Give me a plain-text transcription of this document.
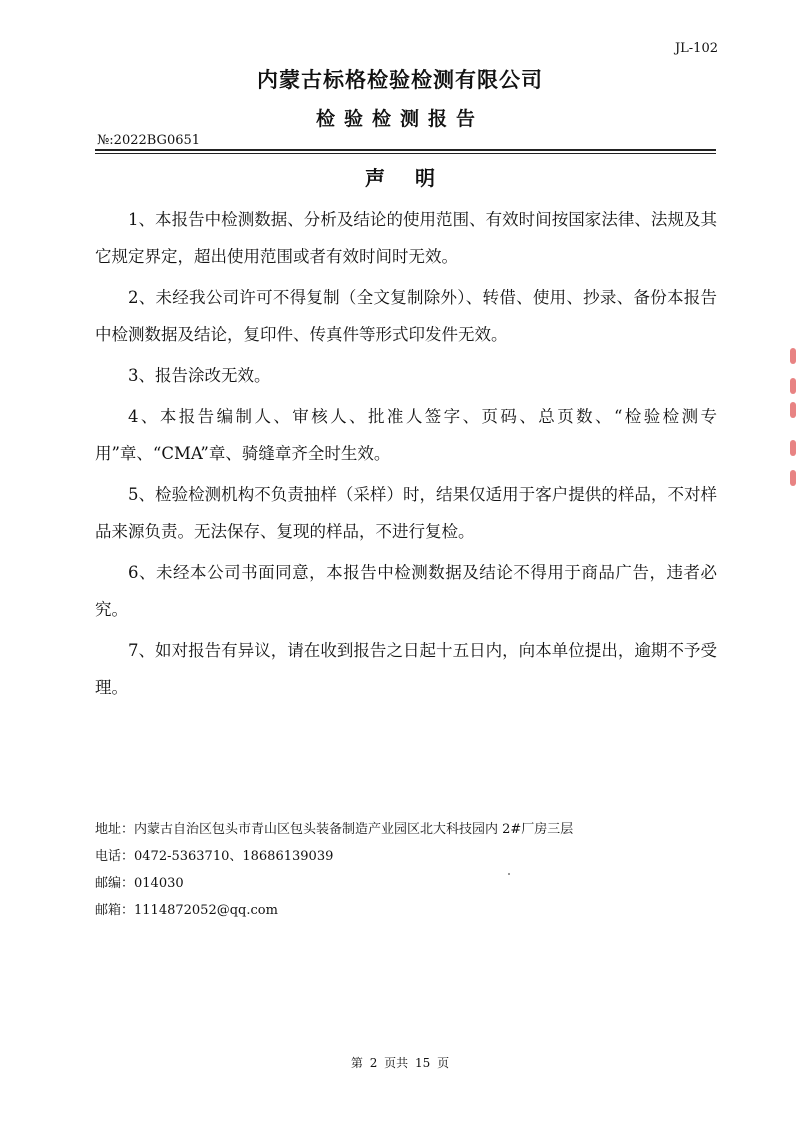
JL-102
内蒙古标格检验检测有限公司
检验检测报告
№:2022BG0651
声明

1、本报告中检测数据、分析及结论的使用范围、有效时间按国家法律、法规及其它规定界定，超出使用范围或者有效时间时无效。

2、未经我公司许可不得复制（全文复制除外）、转借、使用、抄录、备份本报告中检测数据及结论，复印件、传真件等形式印发件无效。

3、报告涂改无效。

4、本报告编制人、审核人、批准人签字、页码、总页数、“检验检测专用”章、“CMA”章、骑缝章齐全时生效。

5、检验检测机构不负责抽样（采样）时，结果仅适用于客户提供的样品，不对样品来源负责。无法保存、复现的样品，不进行复检。

6、未经本公司书面同意，本报告中检测数据及结论不得用于商品广告，违者必究。

7、如对报告有异议，请在收到报告之日起十五日内，向本单位提出，逾期不予受理。

地址：内蒙古自治区包头市青山区包头装备制造产业园区北大科技园内 2#厂房三层
电话：0472-5363710、18686139039
邮编：014030
邮箱：1114872052@qq.com
第 2 页共 15 页
